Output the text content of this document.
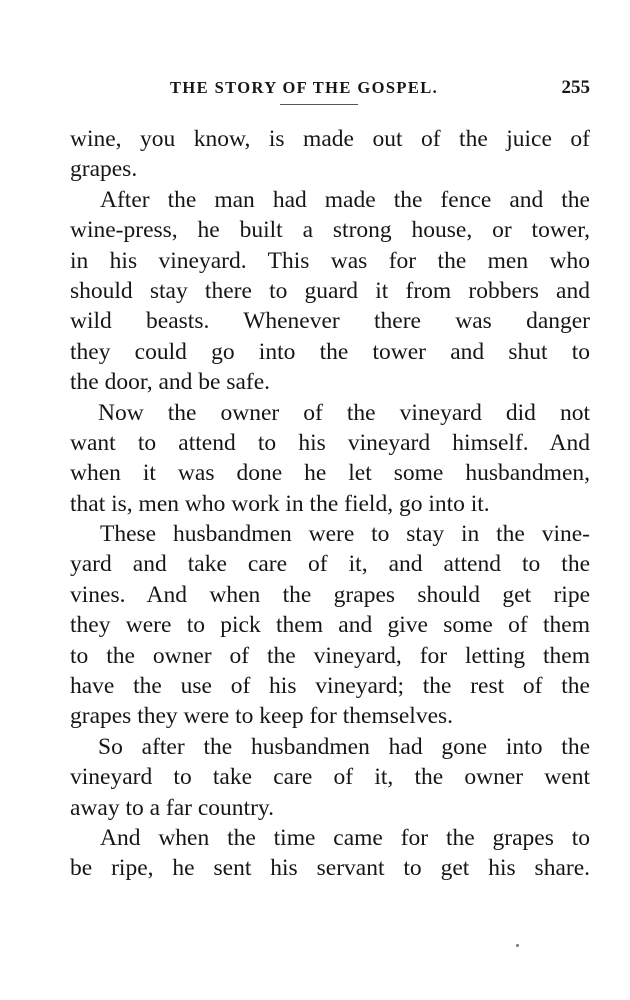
THE STORY OF THE GOSPEL.	255
wine, you know, is made out of the juice of
grapes.
After the man had made the fence and the
wine-press, he built a strong house, or tower,
in his vineyard. This was for the men who
should stay there to guard it from robbers and
wild beasts. Whenever there was danger
they could go into the tower and shut to
the door, and be safe.
Now the owner of the vineyard did not
want to attend to his vineyard himself. And
when it was done he let some husbandmen,
that is, men who work in the field, go into it.
These husbandmen were to stay in the vine-
yard and take care of it, and attend to the
vines. And when the grapes should get ripe
they were to pick them and give some of them
to the owner of the vineyard, for letting them
have the use of his vineyard; the rest of the
grapes they were to keep for themselves.
So after the husbandmen had gone into the
vineyard to take care of it, the owner went
away to a far country.
And when the time came for the grapes to
be ripe, he sent his servant to get his share.
